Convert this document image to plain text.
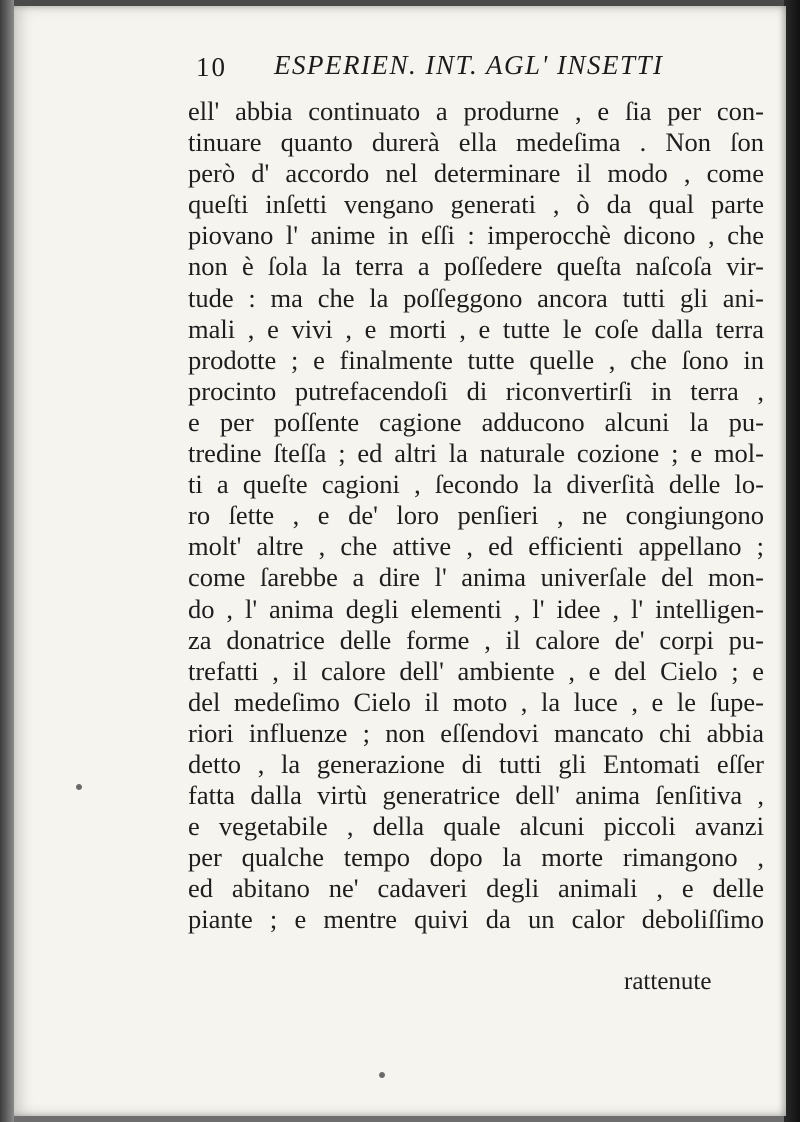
10 ESPERIEN. INT. AGL' INSETTI
ell' abbia continuato a produrne , e ſia per con-
tinuare quanto durerà ella medeſima . Non ſon
però d' accordo nel determinare il modo , come
queſti inſetti vengano generati , ò da qual parte
piovano l' anime in eſſi : imperocchè dicono , che
non è ſola la terra a poſſedere queſta naſcoſa vir-
tude : ma che la poſſeggono ancora tutti gli ani-
mali , e vivi , e morti , e tutte le coſe dalla terra
prodotte ; e finalmente tutte quelle , che ſono in
procinto putrefacendoſi di riconvertirſi in terra ,
e per poſſente cagione adducono alcuni la pu-
tredine ſteſſa ; ed altri la naturale cozione ; e mol-
ti a queſte cagioni , ſecondo la diverſità delle lo-
ro ſette , e de' loro penſieri , ne congiungono
molt' altre , che attive , ed efficienti appellano ;
come ſarebbe a dire l' anima univerſale del mon-
do , l' anima degli elementi , l' idee , l' intelligen-
za donatrice delle forme , il calore de' corpi pu-
trefatti , il calore dell' ambiente , e del Cielo ; e
del medeſimo Cielo il moto , la luce , e le ſupe-
riori influenze ; non eſſendovi mancato chi abbia
detto , la generazione di tutti gli Entomati eſſer
fatta dalla virtù generatrice dell' anima ſenſitiva ,
e vegetabile , della quale alcuni piccoli avanzi
per qualche tempo dopo la morte rimangono ,
ed abitano ne' cadaveri degli animali , e delle
piante ; e mentre quivi da un calor deboliſſimo
rattenute
